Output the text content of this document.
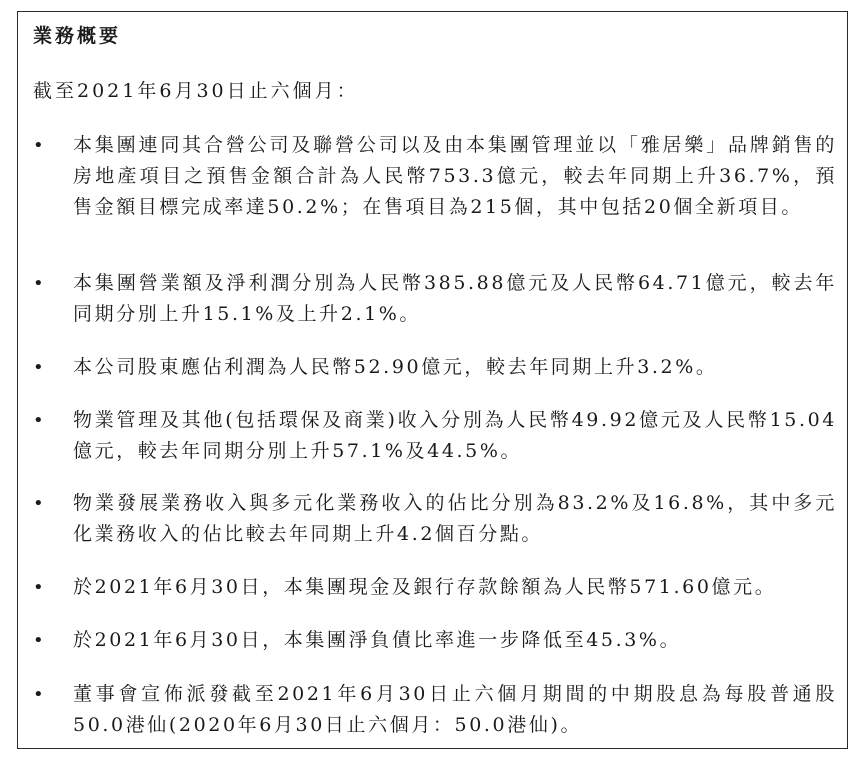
業務概要

截至2021年6月30日止六個月：

• 本集團連同其合營公司及聯營公司以及由本集團管理並以「雅居樂」品牌銷售的房地產項目之預售金額合計為人民幣753.3億元，較去年同期上升36.7%，預售金額目標完成率達50.2%；在售項目為215個，其中包括20個全新項目。

• 本集團營業額及淨利潤分別為人民幣385.88億元及人民幣64.71億元，較去年同期分別上升15.1%及上升2.1%。

• 本公司股東應佔利潤為人民幣52.90億元，較去年同期上升3.2%。

• 物業管理及其他(包括環保及商業)收入分別為人民幣49.92億元及人民幣15.04億元，較去年同期分別上升57.1%及44.5%。

• 物業發展業務收入與多元化業務收入的佔比分別為83.2%及16.8%，其中多元化業務收入的佔比較去年同期上升4.2個百分點。

• 於2021年6月30日，本集團現金及銀行存款餘額為人民幣571.60億元。

• 於2021年6月30日，本集團淨負債比率進一步降低至45.3%。

• 董事會宣佈派發截至2021年6月30日止六個月期間的中期股息為每股普通股50.0港仙(2020年6月30日止六個月：50.0港仙)。
